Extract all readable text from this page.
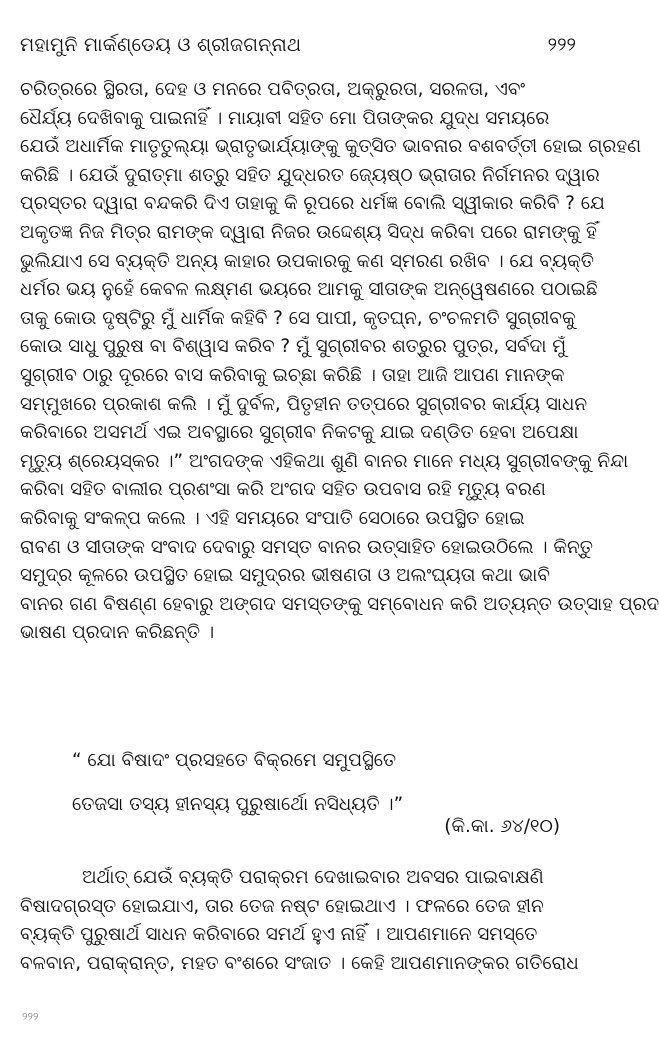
ମହାମୁନି ମାର୍କଣ୍ଡେୟ ଓ ଶ୍ରୀଜଗନ୍ନାଥ	୨୨୨
ଚରିତ୍ରରେ ସ୍ଥିରତା, ଦେହ ଓ ମନରେ ପବିତ୍ରତା, ଅକ୍ରୁରତା, ସରଳତା, ଏବଂ
ଧୈର୍ଯ୍ୟ ଦେଖିବାକୁ ପାଇନାହିଁ । ମାୟାବୀ ସହିତ ମୋ ପିତାଙ୍କର ଯୁଦ୍ଧ ସମୟରେ
ଯେଉଁ ଅଧାର୍ମିକ ମାତୃତୁଲ୍ୟା ଭ୍ରାତୃଭାର୍ଯ୍ୟାଙ୍କୁ କୁତ୍ସିତ ଭାବନାର ବଶବର୍ତ୍ତୀ ହୋଇ ଗ୍ରହଣ
କରିଛି । ଯେଉଁ ଦୁରାତ୍ମା ଶତ୍ରୁ ସହିତ ଯୁଦ୍ଧରତ ଜ୍ୟେଷ୍ଠ ଭ୍ରାତାର ନିର୍ଗମନର ଦ୍ୱାର
ପ୍ରସ୍ତର ଦ୍ୱାରା ବନ୍ଦକରି ଦିଏ ତାହାକୁ କି ରୂପରେ ଧର୍ମଜ୍ଞ ବୋଲି ସ୍ୱୀକାର କରିବି ? ଯେ
ଅକୃତଜ୍ଞ ନିଜ ମିତ୍ର ରାମଙ୍କ ଦ୍ୱାରା ନିଜର ଉଦ୍ଦେଶ୍ୟ ସିଦ୍ଧ କରିବା ପରେ ରାମଙ୍କୁ ହିଁ
ଭୁଲିଯାଏ ସେ ବ୍ୟକ୍ତି ଅନ୍ୟ କାହାର ଉପକାରକୁ କଣ ସ୍ମରଣ ରଖିବ । ଯେ ବ୍ୟକ୍ତି
ଧର୍ମର ଭୟ ନୁହେଁ କେବଳ ଲକ୍ଷ୍ମଣ ଭୟରେ ଆମକୁ ସୀତାଙ୍କ ଅନ୍ୱେଷଣରେ ପଠାଇଛି
ତାକୁ କୋଉ ଦୃଷ୍ଟିରୁ ମୁଁ ଧାର୍ମିକ କହିବି ? ସେ ପାପୀ, କୃତଘ୍ନ, ଚଂଚଳମତି ସୁଗ୍ରୀବକୁ
କୋଉ ସାଧୁ ପୁରୁଷ ବା ବିଶ୍ୱାସ କରିବ ? ମୁଁ ସୁଗ୍ରୀବର ଶତ୍ରୁର ପୁତ୍ର, ସର୍ବଦା ମୁଁ
ସୁଗ୍ରୀବ ଠାରୁ ଦୂରରେ ବାସ କରିବାକୁ ଇଚ୍ଛା କରିଛି । ତାହା ଆଜି ଆପଣ ମାନଙ୍କ
ସମ୍ମୁଖରେ ପ୍ରକାଶ କଲି । ମୁଁ ଦୁର୍ବଳ, ପିତୃହୀନ ତତ୍ପରେ ସୁଗ୍ରୀବର କାର୍ଯ୍ୟ ସାଧନ
କରିବାରେ ଅସମର୍ଥ ଏଇ ଅବସ୍ଥାରେ ସୁଗ୍ରୀବ ନିକଟକୁ ଯାଇ ଦଣ୍ଡିତ ହେବା ଅପେକ୍ଷା
ମୃତ୍ୟୁ ଶ୍ରେୟସ୍କର ।” ଅଂଗଦଙ୍କ ଏହିକଥା ଶୁଣି ବାନର ମାନେ ମଧ୍ୟ ସୁଗ୍ରୀବଙ୍କୁ ନିନ୍ଦା
କରିବା ସହିତ ବାଲୀର ପ୍ରଶଂସା କରି ଅଂଗଦ ସହିତ ଉପବାସ ରହି ମୃତ୍ୟୁ ବରଣ
କରିବାକୁ ସଂକଳ୍ପ କଲେ । ଏହି ସମୟରେ ସଂପାତି ସେଠାରେ ଉପସ୍ଥିତ ହୋଇ
ରାବଣ ଓ ସୀତାଙ୍କ ସଂବାଦ ଦେବାରୁ ସମସ୍ତ ବାନର ଉତ୍ସାହିତ ହୋଇଉଠିଲେ । କିନ୍ତୁ
ସମୁଦ୍ର କୂଳରେ ଉପସ୍ଥିତ ହୋଇ ସମୁଦ୍ରର ଭୀଷଣତା ଓ ଅଲଂଘ୍ୟତା କଥା ଭାବି
ବାନର ଗଣ ବିଷଣ୍ଣ ହେବାରୁ ଅଙ୍ଗଦ ସମସ୍ତଙ୍କୁ ସମ୍ବୋଧନ କରି ଅତ୍ୟନ୍ତ ଉତ୍ସାହ ପ୍ରଦ
ଭାଷଣ ପ୍ରଦାନ କରିଛନ୍ତି ।
“ ଯୋ ବିଷାଦଂ ପ୍ରସହତେ ବିକ୍ରମେ ସମୁପସ୍ଥିତେ
ତେଜସା ତସ୍ୟ ହୀନସ୍ୟ ପୁରୁଷାର୍ଥୋ ନସିଧ୍ୟତି ।”
(କି.କା. ୬୪/୧୦)
ଅର୍ଥାତ୍ ଯେଉଁ ବ୍ୟକ୍ତି ପରାକ୍ରମ ଦେଖାଇବାର ଅବସର ପାଇବାକ୍ଷଣି
ବିଷାଦଗ୍ରସ୍ତ ହୋଇଯାଏ, ତାର ତେଜ ନଷ୍ଟ ହୋଇଥାଏ । ଫଳରେ ତେଜ ହୀନ
ବ୍ୟକ୍ତି ପୁରୁଷାର୍ଥ ସାଧନ କରିବାରେ ସମର୍ଥ ହୁଏ ନାହିଁ । ଆପଣମାନେ ସମସ୍ତେ
ବଳବାନ, ପରାକ୍ରାନ୍ତ, ମହତ ବଂଶରେ ସଂଜାତ । କେହି ଆପଣମାନଙ୍କର ଗତିରୋଧ
୨୨୨
